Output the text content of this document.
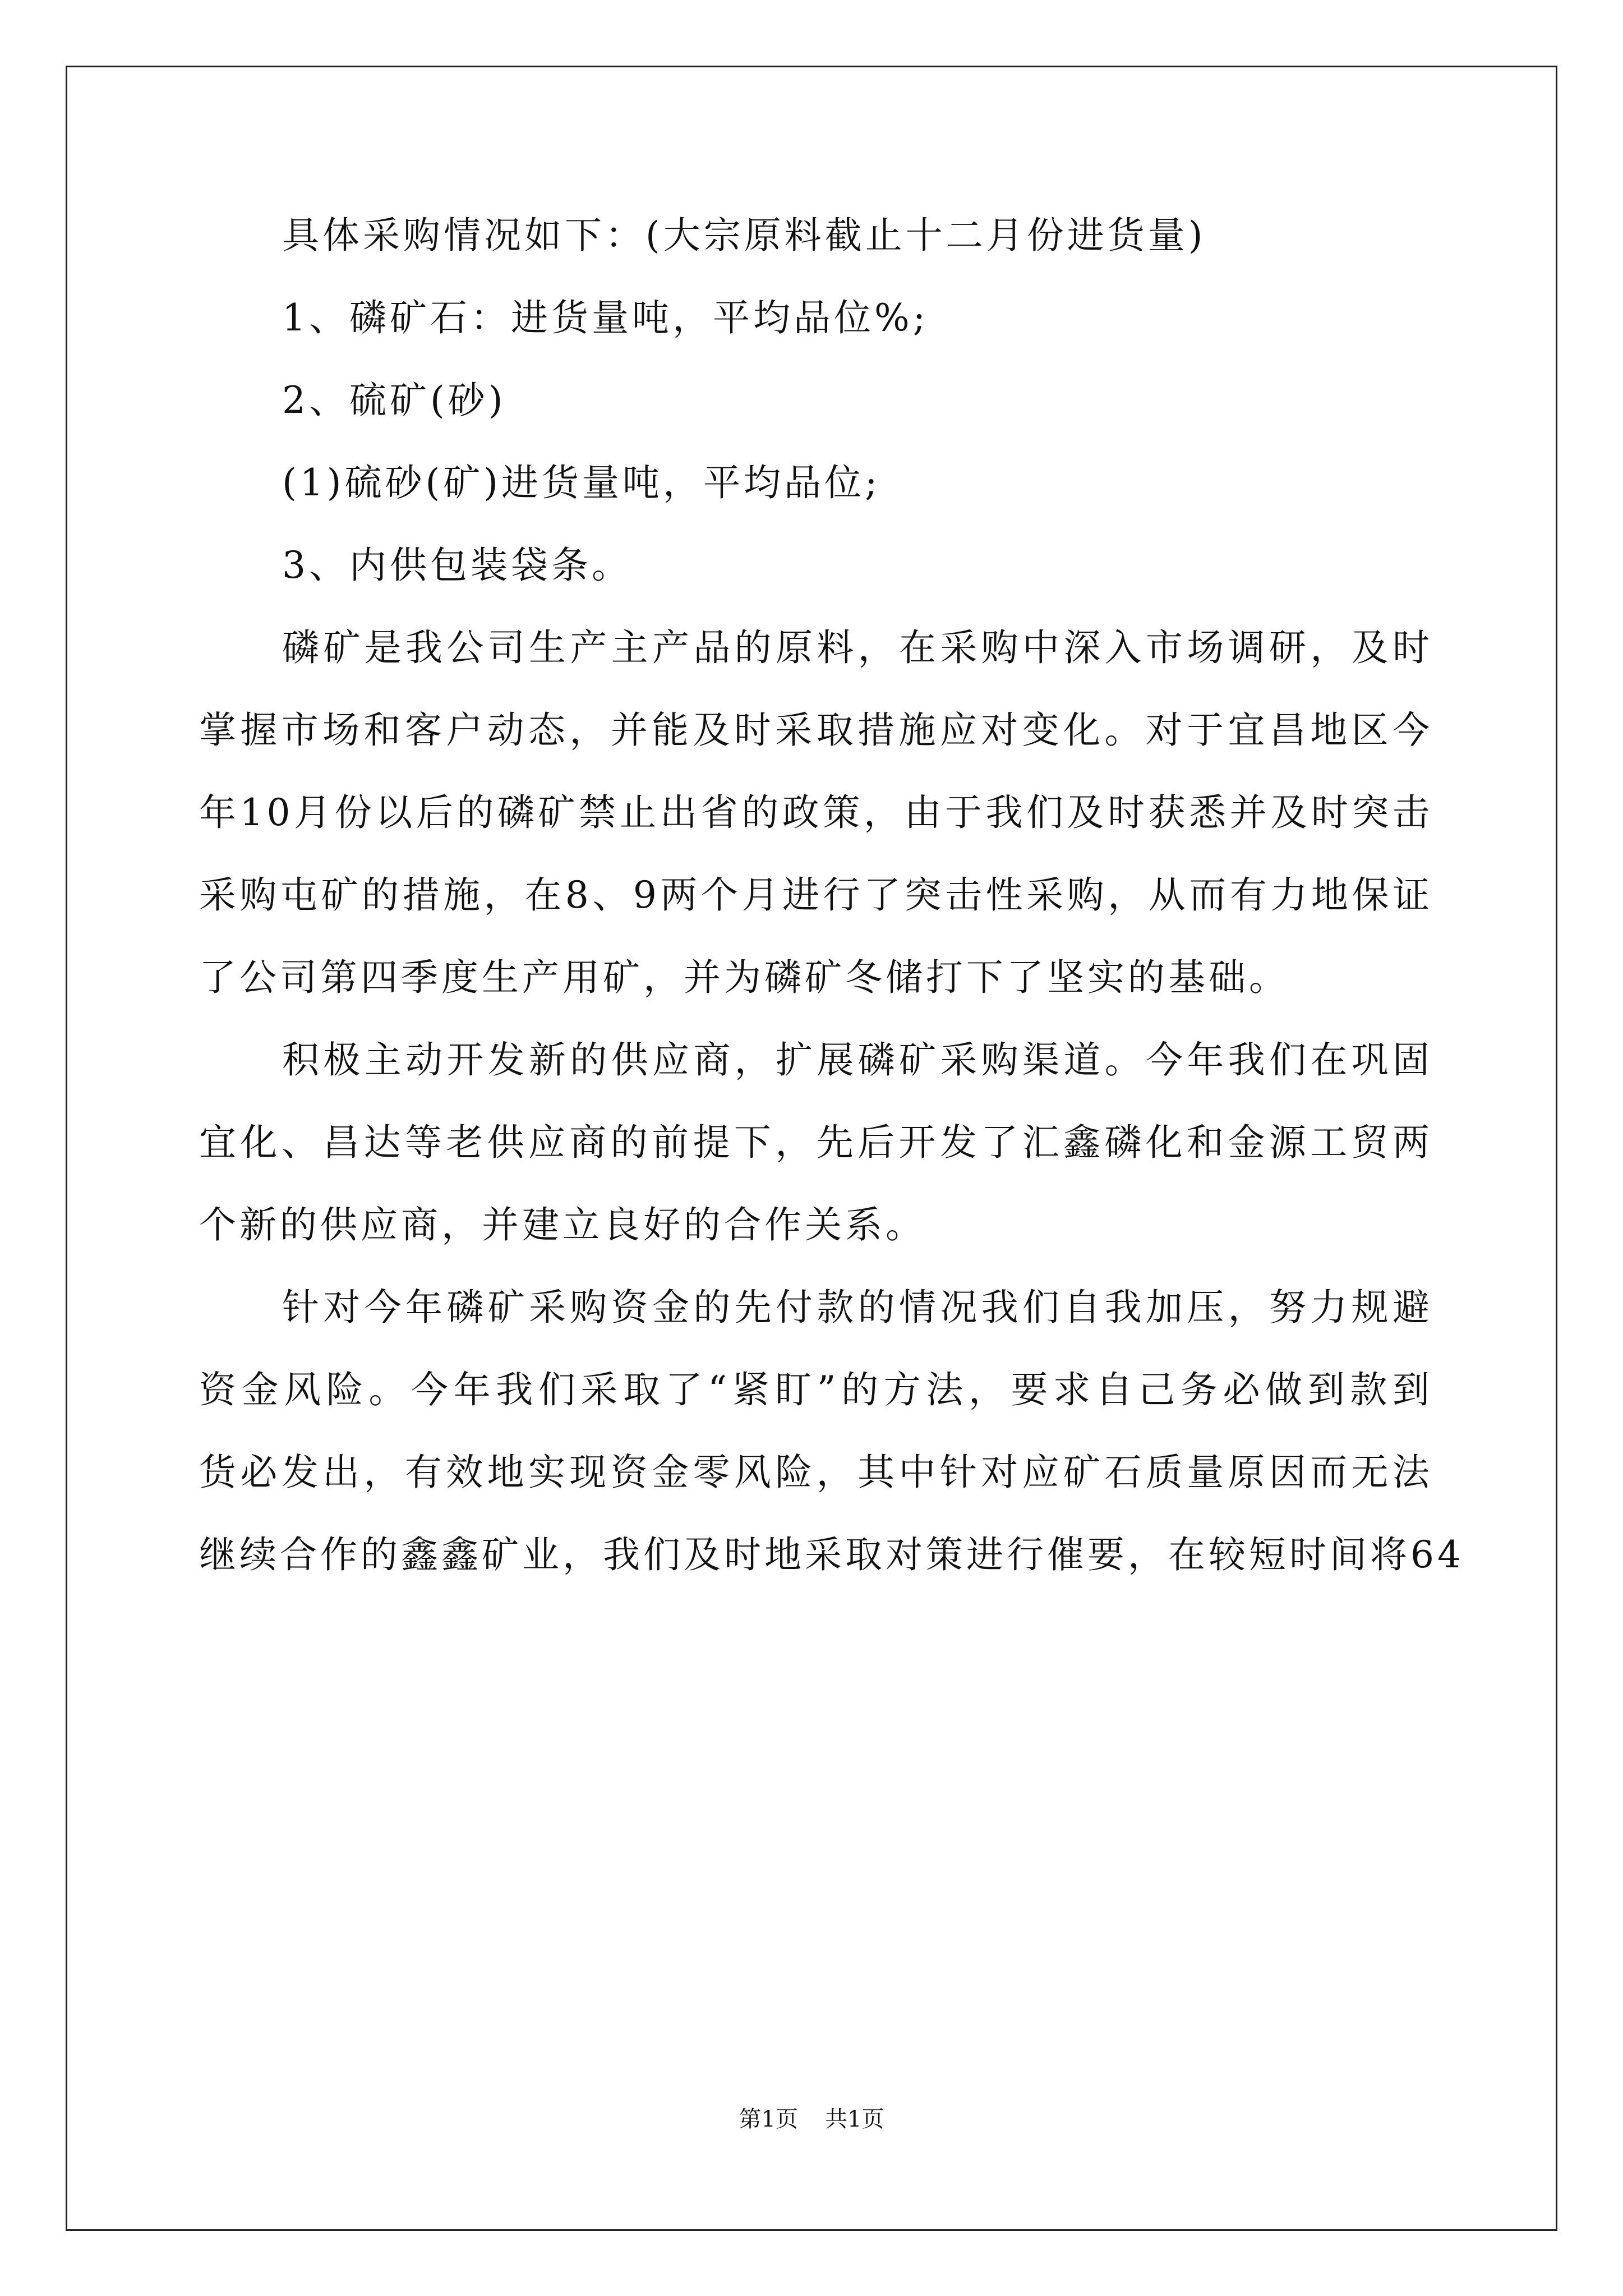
具体采购情况如下：(大宗原料截止十二月份进货量)
1、磷矿石：进货量吨，平均品位%;
2、硫矿(砂)
(1)硫砂(矿)进货量吨，平均品位;
3、内供包装袋条。
磷矿是我公司生产主产品的原料，在采购中深入市场调研，及时
掌握市场和客户动态，并能及时采取措施应对变化。对于宜昌地区今
年10月份以后的磷矿禁止出省的政策，由于我们及时获悉并及时突击
采购屯矿的措施，在8、9两个月进行了突击性采购，从而有力地保证
了公司第四季度生产用矿，并为磷矿冬储打下了坚实的基础。
积极主动开发新的供应商，扩展磷矿采购渠道。今年我们在巩固
宜化、昌达等老供应商的前提下，先后开发了汇鑫磷化和金源工贸两
个新的供应商，并建立良好的合作关系。
针对今年磷矿采购资金的先付款的情况我们自我加压，努力规避
资金风险。今年我们采取了“紧盯”的方法，要求自己务必做到款到
货必发出，有效地实现资金零风险，其中针对应矿石质量原因而无法
继续合作的鑫鑫矿业，我们及时地采取对策进行催要，在较短时间将64
第1页 共1页
